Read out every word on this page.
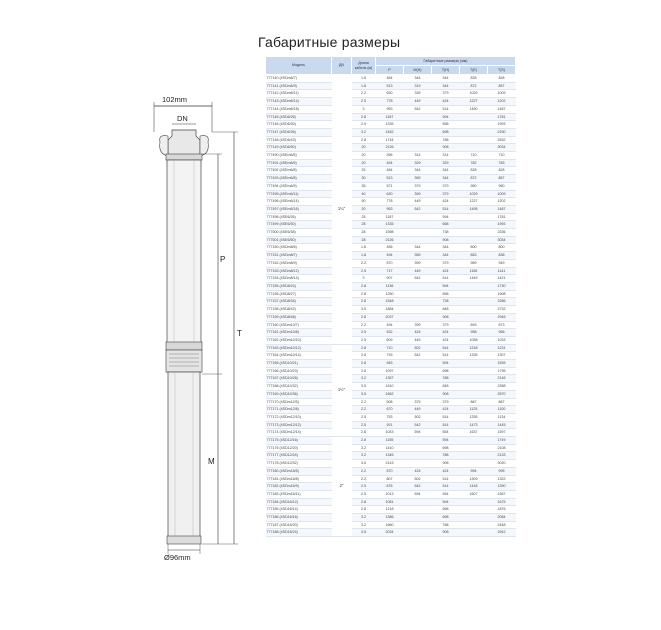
Габаритные размеры
102mm
DN
P
T
M
Ø96mm
Модель	ДN	Длина кабеля (м)	Габаритные размеры (мм)				
			P	M(H)	T(H)	T(E)	T(S)
777140 (4SDm6/7)	1¼"	1.6	484	344	344	828	828
777141 (4SDm6/9)		1.8	513	319	344	872	857
777142 (4SDm6/11)		2.2	630	339	379	1029	1009
777143 (4SDm6/14)		2.5	778	449	424	1227	1202
777144 (4SDm6/18)		3	953	542	514	1490	1467
777145 (4SD6/26)		2.8	1187		594		1781
777146 (4SD6/30)		2.9	1335		658		1993
777147 (4SD6/36)		3.2	1452		698		2150
777148 (4SD6/43)		2.8	1744		788		2532
777149 (4SD6/50)		20	2126		908		3034
777490 (4SEm6/5)		20	396	314	314	710	710
777491 (4SEm6/6)		20	454	329	329	782	783
777492 (4SEm6/8)		25	484	344	344	828	828
777493 (4SEm6/8)		30	513	359	344	872	857
777494 (4SEm6/9)		35	571	379	379	950	950
777495 (4SEm6/11)		40	630	399	379	1029	1009
777496 (4SEm6/14)		50	778	449	424	1227	1202
777497 (4SEm6/18)		20	953	542	514	1495	1467
777498 (4SE6/26)		25	1187		594		1781
777499 (4SE6/30)		28	1335		658		1993
777500 (4SE6/38)		28	1598		738		2336
777501 (4SE6/50)		28	2126		908		3034
777150 (4SDm8/6)		1.6	456	344	344	800	800
777151 (4SDm8/7)		1.8	494	359	344	853	838
777152 (4SDm8/9)		2.2	570	399	379	969	949
777153 (4SDm8/12)		2.5	717	449	424	1165	1141
777154 (4SDm8/14)		3	907	542	514	1449	1421
777155 (4SD8/24)		2.8	1136		594		1730
777156 (4SD8/27)		2.8	1250		658		1908
777157 (4SD8/34)		2.8	1548		738		2286
777158 (4SD8/42)		3.5	1884		848		2732
777159 (4SD8/48)		2.8	2037		908		2945
777160 (4SDm10/7)		2.2	494	399	379	893	873
777161 (4SDm10/8)		2.5	532	424	424	958	956
777162 (4SDm10/10)		2.5	609	449	424	1058	1033
777163 (4SDm10/12)	1½"	2.8	710	502	514	1218	1231
777164 (4SDm10/14)		2.8	793	542	514	1335	1307
777165 (4SD10/21)		2.8	945		594		1539
777166 (4SD10/23)		2.8	1097		698		1795
777167 (4SD10/28)		3.2	1357		788		2146
777168 (4SD10/32)		3.5	1510		848		2358
777169 (4SD10/36)		3.5	1662		908		2570
777170 (4SDm12/5)		2.2	508	379	379	887	887
777171 (4SDm12/8)		2.2	670	449	424	1125	1100
777172 (4SDm12/10)		2.5	753	502	514	1255	1134
777173 (4SDm12/12)		2.5	921	542	514	1473	1445
777174 (4SDm12/14)		2.8	1043	594	554	1637	1597
777175 (4SD12/16)	2"	2.8	1155		594		1749
777176 (4SD12/20)		3.2	1410		698		2108
777177 (4SD12/24)		3.2	1345		788		2133
777178 (4SD12/32)		3.5	2143		908		3020
777180 (4SDm16/5)		2.2	570	424	424	994	995
777181 (4SDm16/8)		2.2	807	502	514	1309	1322
777182 (4SDm16/9)		2.5	876	542	514	1418	1390
777183 (4SDm16/11)		2.5	1013	594	554	1607	1567
777184 (4SD16/12)		2.8	1081		594		1675
777185 (4SD16/14)		2.8	1218		658		1876
777186 (4SD16/16)		3.2	1386		698		2084
777187 (4SD16/20)		3.2	1660		788		2448
777188 (4SD16/24)		3.5	2034		908		2942
